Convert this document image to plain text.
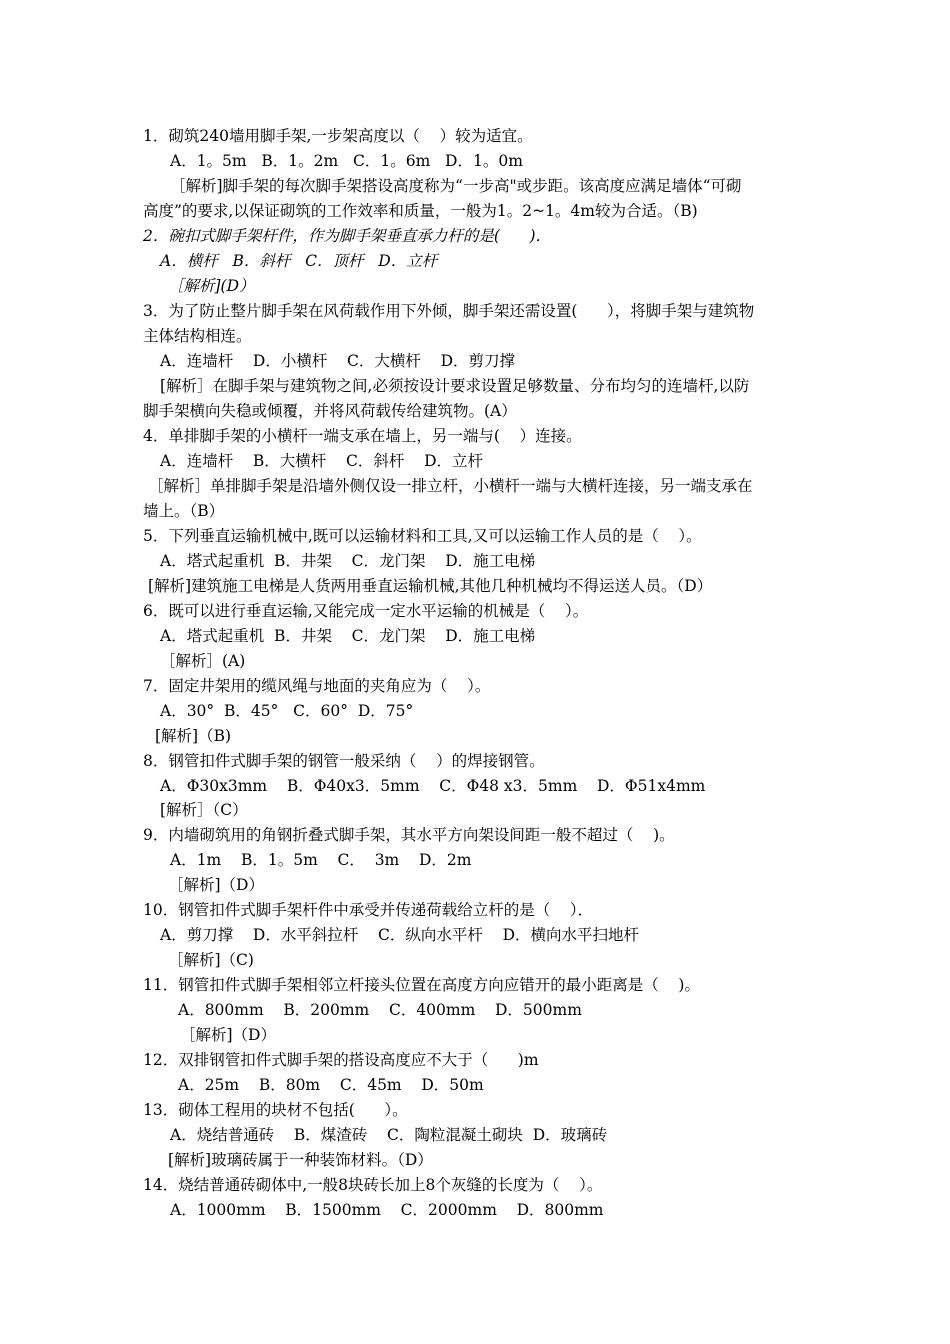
1．砌筑240墙用脚手架,一步架高度以（    ）较为适宜。
A．1。5m   B．1。2m   C．1。6m   D．1。0m
［解析]脚手架的每次脚手架搭设高度称为“一步高"或步距。该高度应满足墙体“可砌
高度”的要求,以保证砌筑的工作效率和质量，一般为1。2~1。4m较为合适。（B)
2．碗扣式脚手架杆件，作为脚手架垂直承力杆的是(      )．
A．横杆   B．斜杆   C．顶杆   D．立杆
［解析](D）
3．为了防止整片脚手架在风荷载作用下外倾，脚手架还需设置(      ），将脚手架与建筑物
主体结构相连。
A．连墙杆    D．小横杆    C．大横杆    D．剪刀撑
[解析］在脚手架与建筑物之间,必须按设计要求设置足够数量、分布均匀的连墙杆,以防
脚手架横向失稳或倾覆，并将风荷载传给建筑物。(A）
4．单排脚手架的小横杆一端支承在墙上，另一端与(    ）连接。
A．连墙杆    B．大横杆    C．斜杆    D．立杆
［解析］单排脚手架是沿墙外侧仅设一排立杆，小横杆一端与大横杆连接，另一端支承在
墙上。（B）
5．下列垂直运输机械中,既可以运输材料和工具,又可以运输工作人员的是（    ）。
A．塔式起重机  B．井架    C．龙门架    D．施工电梯
[解析]建筑施工电梯是人货两用垂直运输机械,其他几种机械均不得运送人员。（D）
6．既可以进行垂直运输,又能完成一定水平运输的机械是（    ）。
A．塔式起重机  B．井架    C．龙门架    D．施工电梯
［解析］(A)
7．固定井架用的缆风绳与地面的夹角应为（    ）。
A．30°  B．45°   C．60°  D．75°
[解析]（B)
8．钢管扣件式脚手架的钢管一般采纳（    ）的焊接钢管。
A．Φ30x3mm    B．Φ40x3．5mm    C．Φ48 x3．5mm    D．Φ51x4mm
[解析］（C）
9．内墙砌筑用的角钢折叠式脚手架，其水平方向架设间距一般不超过（    )。
A．1m    B．1。5m    C．  3m    D．2m
［解析]（D）
10．钢管扣件式脚手架杆件中承受并传递荷载给立杆的是（    ）．
A．剪刀撑    D．水平斜拉杆    C．纵向水平杆    D．横向水平扫地杆
［解析]（C)
11．钢管扣件式脚手架相邻立杆接头位置在高度方向应错开的最小距离是（    )。
A．800mm    B．200mm    C．400mm    D．500mm
［解析]（D）
12．双排钢管扣件式脚手架的搭设高度应不大于（      )m
A．25m    B．80m    C．45m    D．50m
13．砌体工程用的块材不包括(      ）。
A．烧结普通砖    B．煤渣砖    C．陶粒混凝土砌块  D．玻璃砖
[解析]玻璃砖属于一种装饰材料。（D）
14．烧结普通砖砌体中,一般8块砖长加上8个灰缝的长度为（    ）。
A．1000mm    B．1500mm    C．2000mm    D．800mm
